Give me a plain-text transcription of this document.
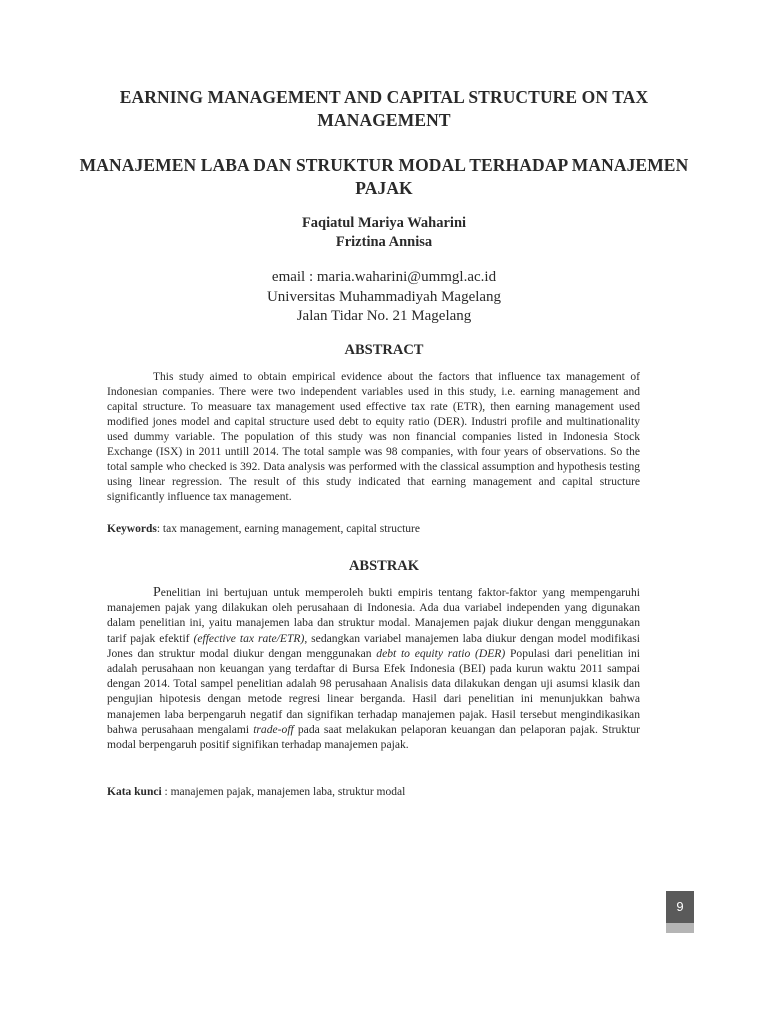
EARNING MANAGEMENT AND CAPITAL STRUCTURE ON TAX
MANAGEMENT
MANAJEMEN LABA DAN STRUKTUR MODAL TERHADAP MANAJEMEN
PAJAK
Faqiatul Mariya Waharini
Friztina Annisa
email : maria.waharini@ummgl.ac.id
Universitas Muhammadiyah Magelang
Jalan Tidar No. 21 Magelang
ABSTRACT
This study aimed to obtain empirical evidence about the factors that influence tax management of Indonesian companies. There were two independent variables used in this study, i.e. earning management and capital structure. To measuare tax management used effective tax rate (ETR), then earning management used modified jones model and capital structure used debt to equity ratio (DER). Industri profile and multinationality used dummy variable. The population of this study was non financial companies listed in Indonesia Stock Exchange (ISX) in 2011 untill 2014. The total sample was 98 companies, with four years of observations. So the total sample who checked is 392. Data analysis was performed with the classical assumption and hypothesis testing using linear regression. The result of this study indicated that earning management and capital structure significantly influence tax management.
Keywords: tax management, earning management, capital structure
ABSTRAK
Penelitian ini bertujuan untuk memperoleh bukti empiris tentang faktor-faktor yang mempengaruhi manajemen pajak yang dilakukan oleh perusahaan di Indonesia. Ada dua variabel independen yang digunakan dalam penelitian ini, yaitu manajemen laba dan struktur modal. Manajemen pajak diukur dengan menggunakan tarif pajak efektif (effective tax rate/ETR), sedangkan variabel manajemen laba diukur dengan model modifikasi Jones dan struktur modal diukur dengan menggunakan debt to equity ratio (DER) Populasi dari penelitian ini adalah perusahaan non keuangan yang terdaftar di Bursa Efek Indonesia (BEI) pada kurun waktu 2011 sampai dengan 2014. Total sampel penelitian adalah 98 perusahaan Analisis data dilakukan dengan uji asumsi klasik dan pengujian hipotesis dengan metode regresi linear berganda. Hasil dari penelitian ini menunjukkan bahwa manajemen laba berpengaruh negatif dan signifikan terhadap manajemen pajak. Hasil tersebut mengindikasikan bahwa perusahaan mengalami trade-off pada saat melakukan pelaporan keuangan dan pelaporan pajak. Struktur modal berpengaruh positif signifikan terhadap manajemen pajak.
Kata kunci : manajemen pajak, manajemen laba, struktur modal
9
